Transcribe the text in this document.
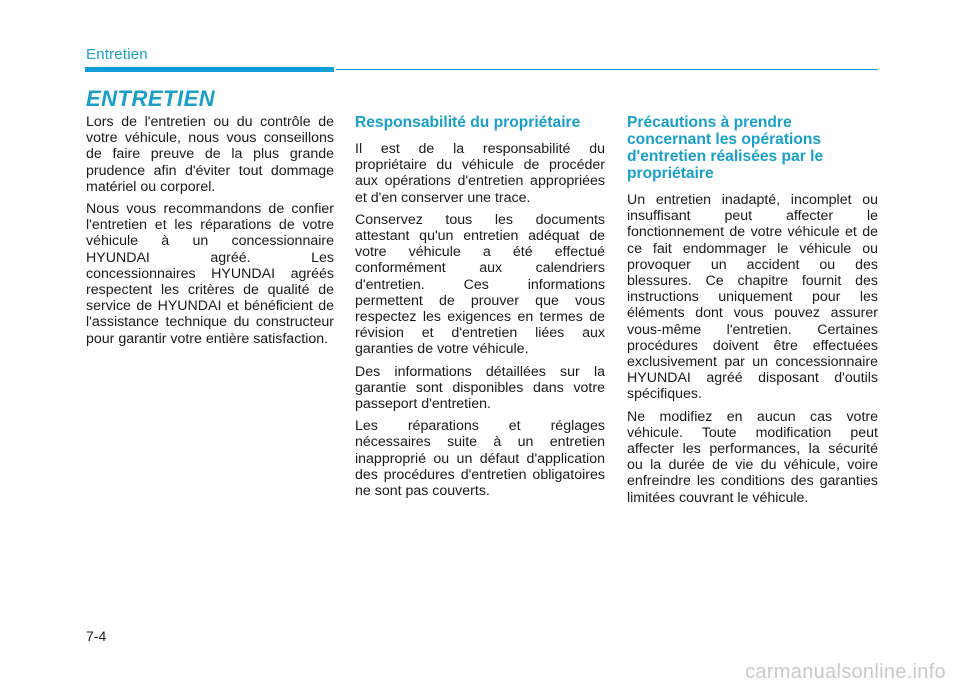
Entretien
ENTRETIEN

Lors de l'entretien ou du contrôle de votre véhicule, nous vous conseillons de faire preuve de la plus grande prudence afin d'éviter tout dommage matériel ou corporel.

Nous vous recommandons de confier l'entretien et les réparations de votre véhicule à un concessionnaire HYUNDAI agréé. Les concessionnaires HYUNDAI agréés respectent les critères de qualité de service de HYUNDAI et bénéficient de l'assistance technique du constructeur pour garantir votre entière satisfaction.

Responsabilité du propriétaire

Il est de la responsabilité du propriétaire du véhicule de procéder aux opérations d'entretien appropriées et d'en conserver une trace.

Conservez tous les documents attestant qu'un entretien adéquat de votre véhicule a été effectué conformément aux calendriers d'entretien. Ces informations permettent de prouver que vous respectez les exigences en termes de révision et d'entretien liées aux garanties de votre véhicule.

Des informations détaillées sur la garantie sont disponibles dans votre passeport d'entretien.

Les réparations et réglages nécessaires suite à un entretien inapproprié ou un défaut d'application des procédures d'entretien obligatoires ne sont pas couverts.

Précautions à prendre concernant les opérations d'entretien réalisées par le propriétaire

Un entretien inadapté, incomplet ou insuffisant peut affecter le fonctionnement de votre véhicule et de ce fait endommager le véhicule ou provoquer un accident ou des blessures. Ce chapitre fournit des instructions uniquement pour les éléments dont vous pouvez assurer vous-même l'entretien. Certaines procédures doivent être effectuées exclusivement par un concessionnaire HYUNDAI agréé disposant d'outils spécifiques.

Ne modifiez en aucun cas votre véhicule. Toute modification peut affecter les performances, la sécurité ou la durée de vie du véhicule, voire enfreindre les conditions des garanties limitées couvrant le véhicule.

7-4
carmanualsonline.info
